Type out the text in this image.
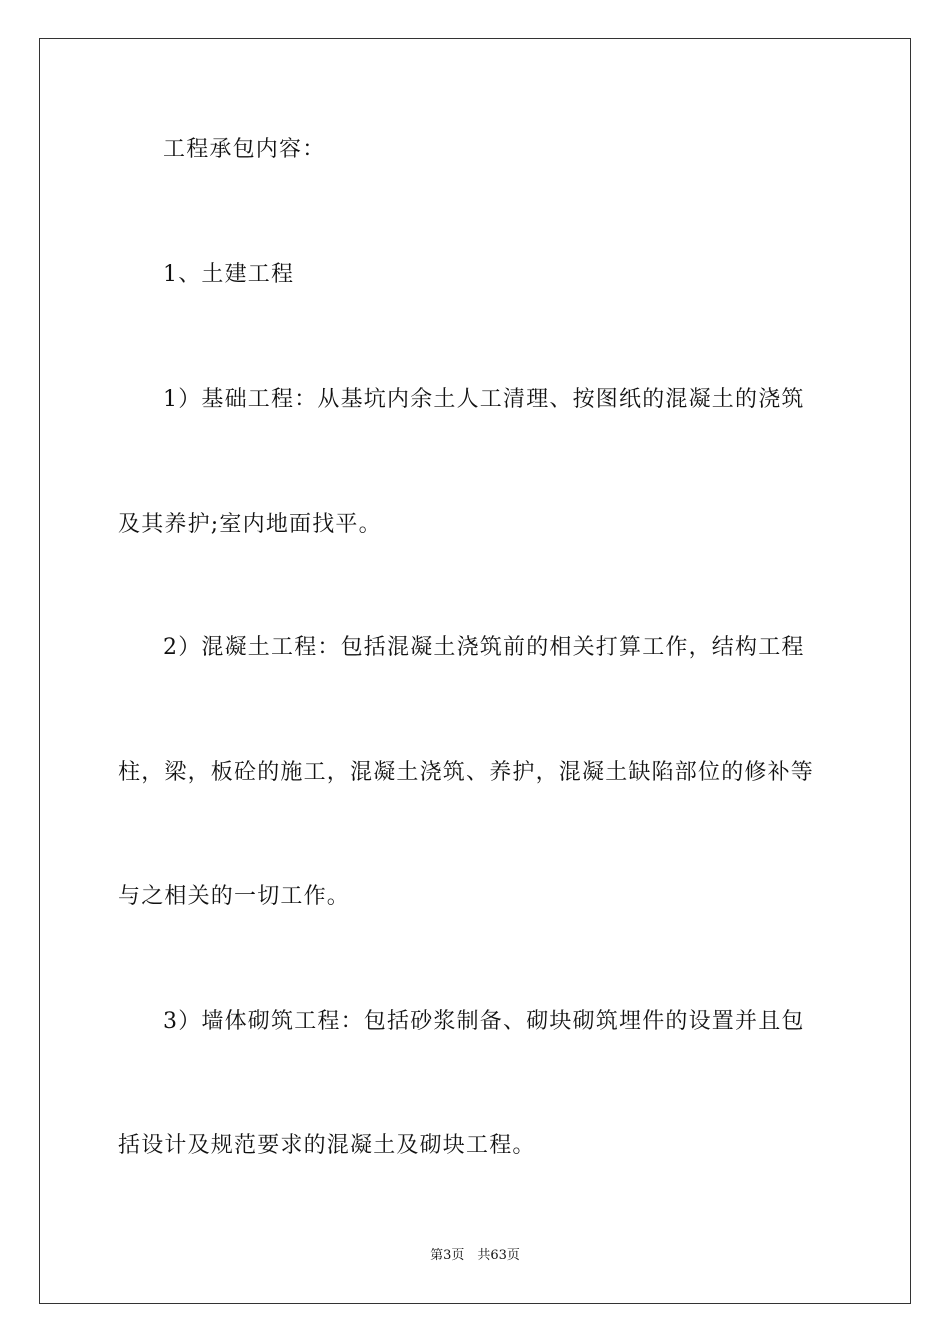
工程承包内容：
1、土建工程
1）基础工程：从基坑内余土人工清理、按图纸的混凝土的浇筑
及其养护;室内地面找平。
2）混凝土工程：包括混凝土浇筑前的相关打算工作，结构工程
柱，梁，板砼的施工，混凝土浇筑、养护，混凝土缺陷部位的修补等
与之相关的一切工作。
3）墙体砌筑工程：包括砂浆制备、砌块砌筑埋件的设置并且包
括设计及规范要求的混凝土及砌块工程。
第3页　共63页
